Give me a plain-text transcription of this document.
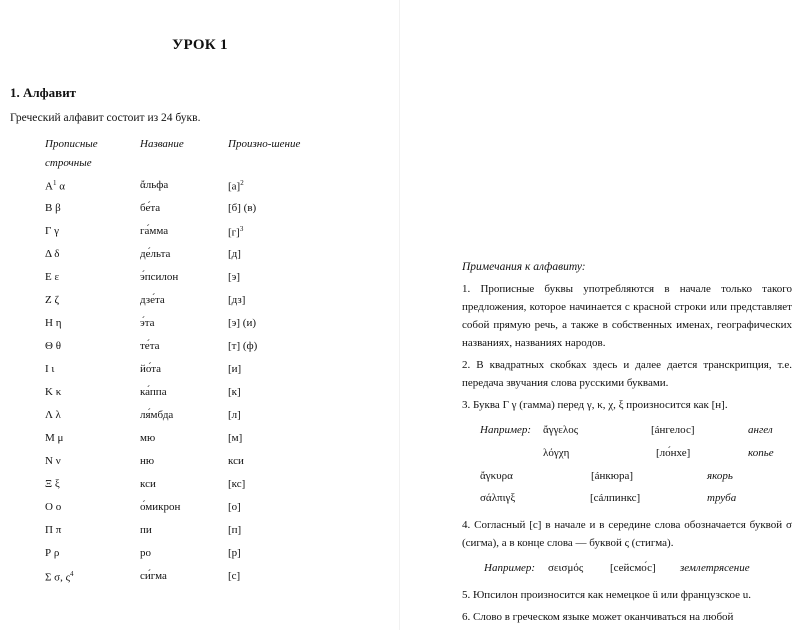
УРОК 1
1. Алфавит
Греческий алфавит состоит из 24 букв.
Прописные
строчные
Название	Произно-шение
$A^1$ α	ἄльфа	$[а]^2$
Β β	бе́та	[б] (в)
Γ γ	га́мма	$[г]^3$
Δ δ	де́льта	[д]
Ε ε	э́псилон	[э]
Ζ ζ	дзе́та	[дз]
Η η	э́та	[э] (и)
Θ θ	те́та	[т] (ф)
Ι ι	йо́та	[и]
Κ κ	ка́ппа	[к]
Λ λ	ля́мбда	[л]
Μ μ	мю	[м]
Ν ν	ню	кси
Ξ ξ	кси	[кс]
Ο ο	о́микрон	[о]
Π π	пи	[п]
Ρ ρ	ро	[р]
Σ σ, $\varsigma^4$	си́гма	[с]
Примечания к алфавиту:
1. Прописные буквы употребляются в начале только такого предложения, которое начинается с красной строки или представляет собой прямую речь, а также в собственных именах, географических названиях, названиях народов.
2. В квадратных скобках здесь и далее дается транскрипция, т.е. передача звучания слова русскими буквами.
3. Буква Γ γ (гамма) перед γ, κ, χ, ξ произносится как [н].
Например: ἄγγελος	[áнгелос]	ангел
λόγχη	[ло́нхе]	копье
ἄγκυρα	[áнкюра]	якорь
σάλπιγξ	[сáлпинкс]	труба
4. Согласный [с] в начале и в середине слова обозначается буквой σ (сигма), а в конце слова — буквой ς (стигма).
Например: σεισμός [сейсмо́с] землетрясение
5. Юпсилон произносится как немецкое ü или французское u.
6. Слово в греческом языке может оканчиваться на любой
